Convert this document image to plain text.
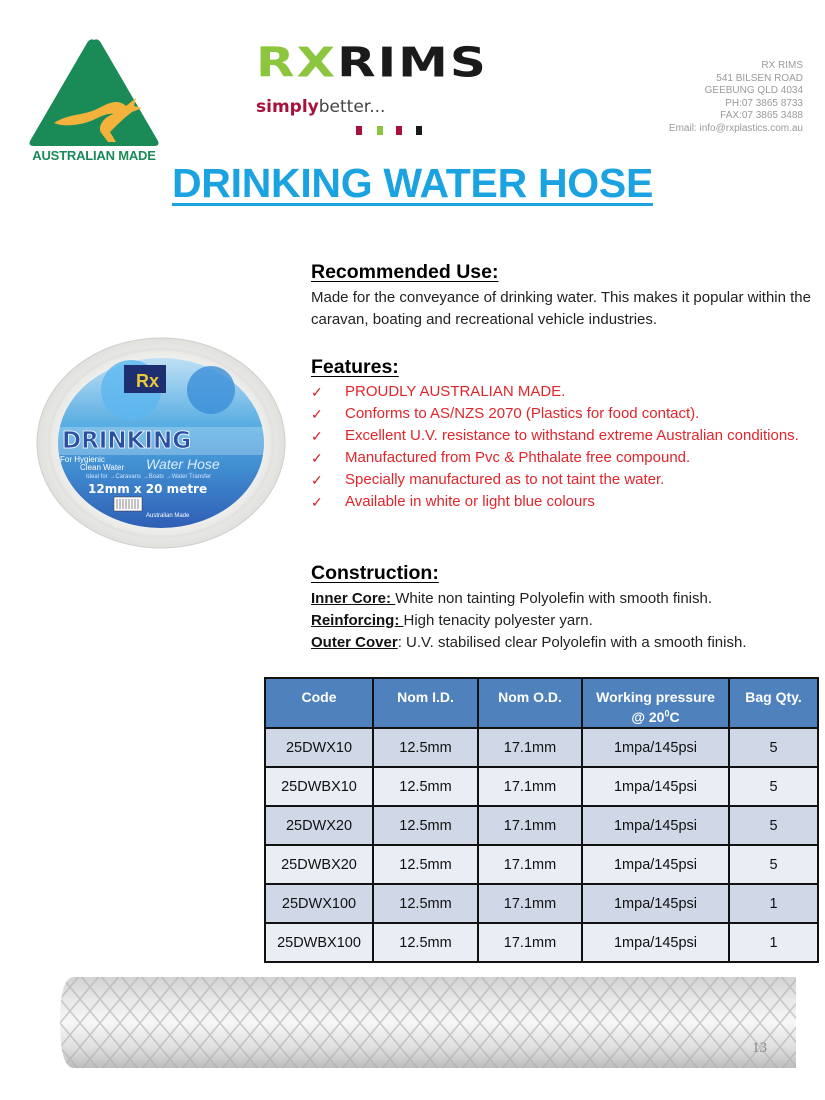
AUSTRALIAN MADE
RXRIMS
simplybetter...
RX RIMS
541 BILSEN ROAD
GEEBUNG QLD 4034
PH:07 3865 8733
FAX:07 3865 3488
Email: info@rxplastics.com.au
DRINKING WATER HOSE
Rx
DRINKING
For Hygienic
Clean Water Water Hose
Ideal for →Caravans →Boats →Water Transfer
12mm x 20 metre
Australian Made
Recommended Use:
Made for the conveyance of drinking water. This makes it popular within the caravan, boating and recreational vehicle industries.
Features:
✓ PROUDLY AUSTRALIAN MADE.
✓ Conforms to AS/NZS 2070 (Plastics for food contact).
✓ Excellent U.V. resistance to withstand extreme Australian conditions.
✓ Manufactured from Pvc & Phthalate free compound.
✓ Specially manufactured as to not taint the water.
✓ Available in white or light blue colours
Construction:
Inner Core: White non tainting Polyolefin with smooth finish.
Reinforcing: High tenacity polyester yarn.
Outer Cover: U.V. stabilised clear Polyolefin with a smooth finish.
Code	Nom I.D.	Nom O.D.	Working pressure
@ $20^0C$	Bag Qty.
25DWX10	12.5mm	17.1mm	1mpa/145psi	5
25DWBX10	12.5mm	17.1mm	1mpa/145psi	5
25DWX20	12.5mm	17.1mm	1mpa/145psi	5
25DWBX20	12.5mm	17.1mm	1mpa/145psi	5
25DWX100	12.5mm	17.1mm	1mpa/145psi	1
25DWBX100	12.5mm	17.1mm	1mpa/145psi	1
13
